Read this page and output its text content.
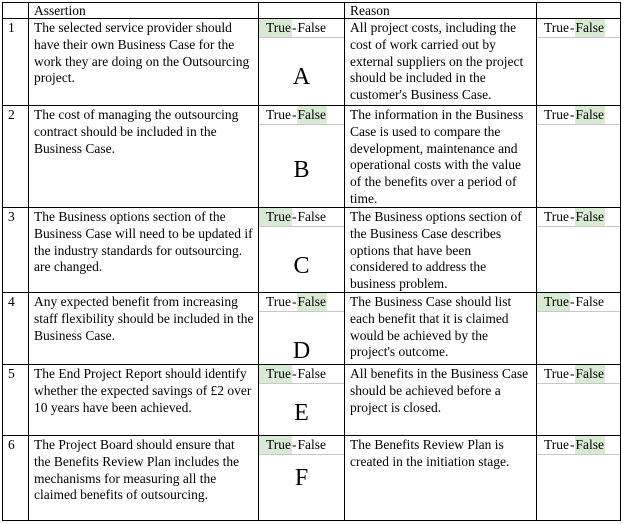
Assertion	Reason
1	The selected service provider should have their own Business Case for the work they are doing on the Outsourcing project.
True-False
A
All project costs, including the cost of work carried out by external suppliers on the project should be included in the customer's Business Case.
True-False
2	The cost of managing the outsourcing contract should be included in the Business Case.
True-False
B
The information in the Business Case is used to compare the development, maintenance and operational costs with the value of the benefits over a period of time.
True-False
3	The Business options section of the Business Case will need to be updated if the industry standards for outsourcing. are changed.
True-False
C
The Business options section of the Business Case describes options that have been considered to address the business problem.
True-False
4	Any expected benefit from increasing staff flexibility should be included in the Business Case.
True-False
D
The Business Case should list each benefit that it is claimed would be achieved by the project's outcome.
True-False
5	The End Project Report should identify whether the expected savings of £2 over 10 years have been achieved.
True-False
E
All benefits in the Business Case should be achieved before a project is closed.
True-False
6	The Project Board should ensure that the Benefits Review Plan includes the mechanisms for measuring all the claimed benefits of outsourcing.
True-False
F
The Benefits Review Plan is created in the initiation stage.
True-False
